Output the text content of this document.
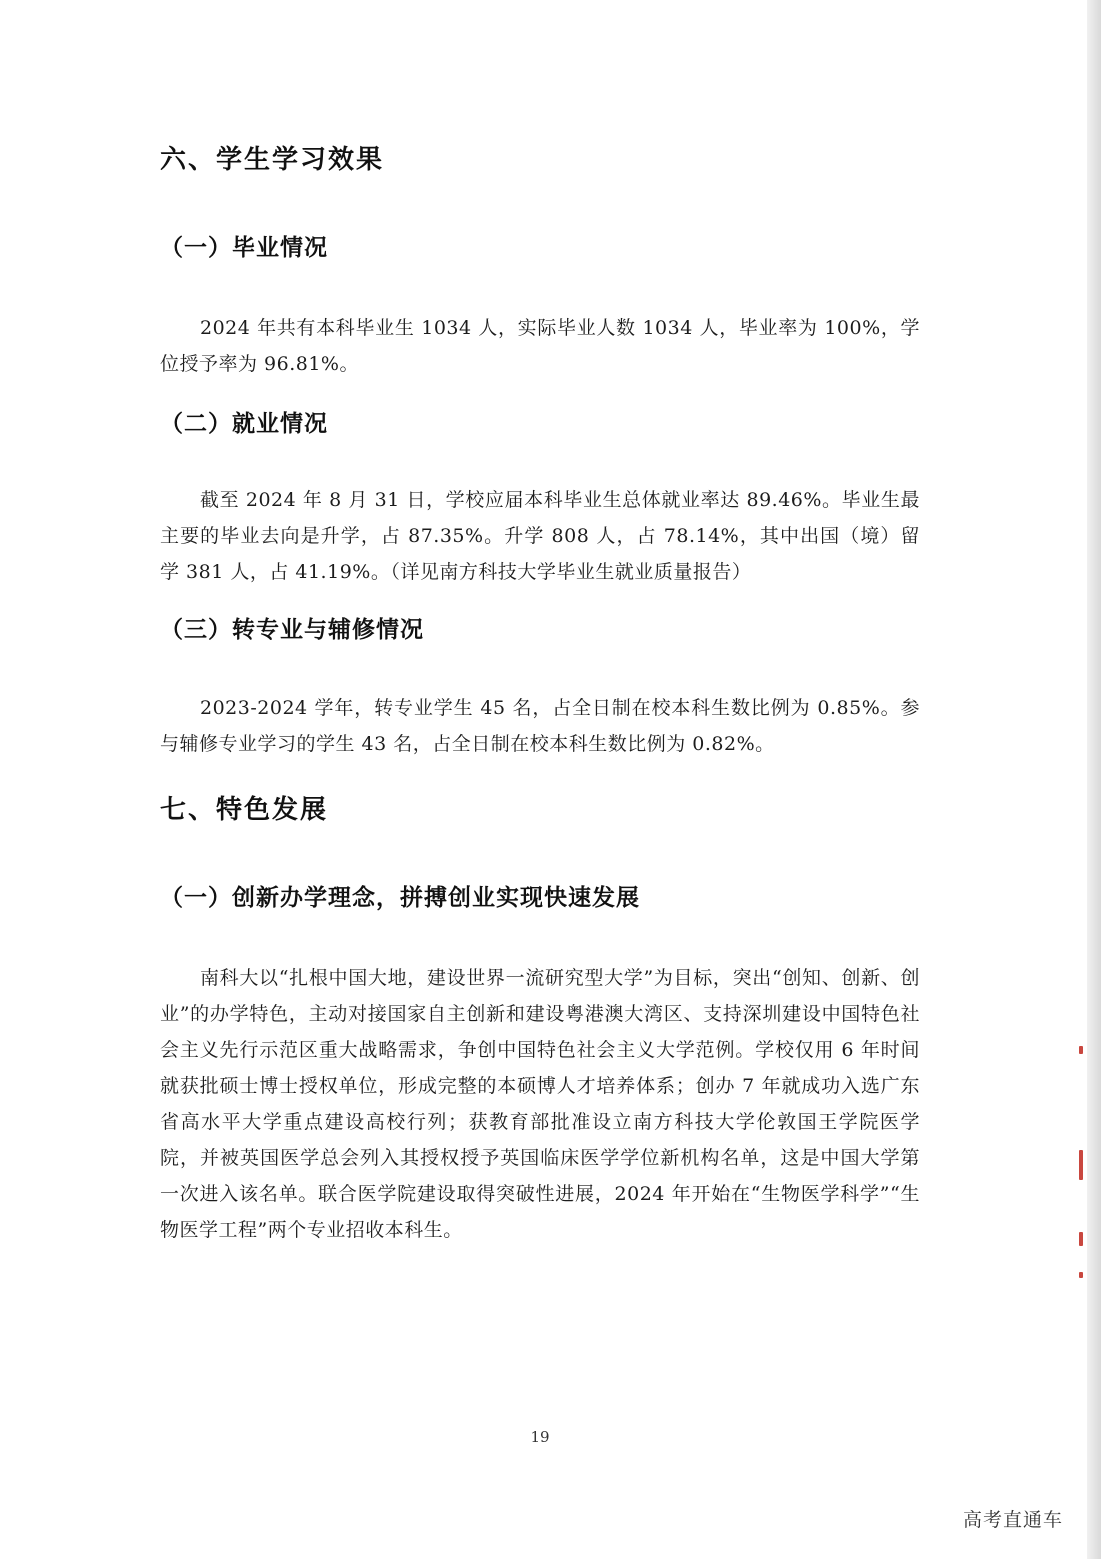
六、学生学习效果
（一）毕业情况
2024 年共有本科毕业生 1034 人，实际毕业人数 1034 人，毕业率为 100%，学位授予率为 96.81%。
（二）就业情况
截至 2024 年 8 月 31 日，学校应届本科毕业生总体就业率达 89.46%。毕业生最主要的毕业去向是升学，占 87.35%。升学 808 人，占 78.14%，其中出国（境）留学 381 人，占 41.19%。（详见南方科技大学毕业生就业质量报告）
（三）转专业与辅修情况
2023-2024 学年，转专业学生 45 名，占全日制在校本科生数比例为 0.85%。参与辅修专业学习的学生 43 名，占全日制在校本科生数比例为 0.82%。
七、特色发展
（一）创新办学理念，拼搏创业实现快速发展
南科大以“扎根中国大地，建设世界一流研究型大学”为目标，突出“创知、创新、创业”的办学特色，主动对接国家自主创新和建设粤港澳大湾区、支持深圳建设中国特色社会主义先行示范区重大战略需求，争创中国特色社会主义大学范例。学校仅用 6 年时间就获批硕士博士授权单位，形成完整的本硕博人才培养体系；创办 7 年就成功入选广东省高水平大学重点建设高校行列；获教育部批准设立南方科技大学伦敦国王学院医学院，并被英国医学总会列入其授权授予英国临床医学学位新机构名单，这是中国大学第一次进入该名单。联合医学院建设取得突破性进展，2024 年开始在“生物医学科学”“生物医学工程”两个专业招收本科生。
19
高考直通车
